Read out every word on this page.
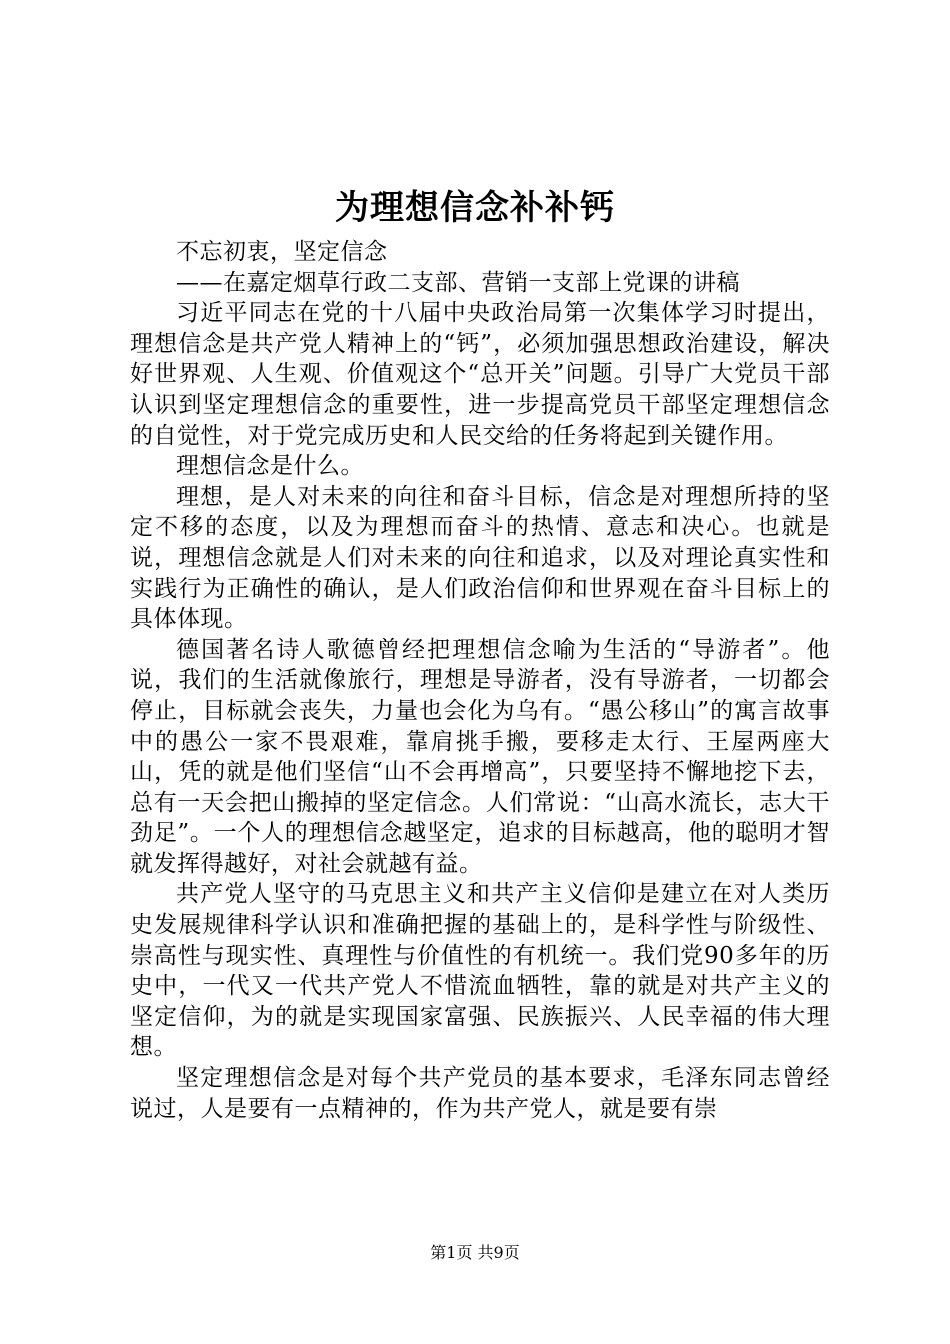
为理想信念补补钙

不忘初衷，坚定信念

——在嘉定烟草行政二支部、营销一支部上党课的讲稿

习近平同志在党的十八届中央政治局第一次集体学习时提出，理想信念是共产党人精神上的“钙”，必须加强思想政治建设，解决好世界观、人生观、价值观这个“总开关”问题。引导广大党员干部认识到坚定理想信念的重要性，进一步提高党员干部坚定理想信念的自觉性，对于党完成历史和人民交给的任务将起到关键作用。

理想信念是什么。

理想，是人对未来的向往和奋斗目标，信念是对理想所持的坚定不移的态度，以及为理想而奋斗的热情、意志和决心。也就是说，理想信念就是人们对未来的向往和追求，以及对理论真实性和实践行为正确性的确认，是人们政治信仰和世界观在奋斗目标上的具体体现。

德国著名诗人歌德曾经把理想信念喻为生活的“导游者”。他说，我们的生活就像旅行，理想是导游者，没有导游者，一切都会停止，目标就会丧失，力量也会化为乌有。“愚公移山”的寓言故事中的愚公一家不畏艰难，靠肩挑手搬，要移走太行、王屋两座大山，凭的就是他们坚信“山不会再增高”，只要坚持不懈地挖下去，总有一天会把山搬掉的坚定信念。人们常说：“山高水流长，志大干劲足”。一个人的理想信念越坚定，追求的目标越高，他的聪明才智就发挥得越好，对社会就越有益。

共产党人坚守的马克思主义和共产主义信仰是建立在对人类历史发展规律科学认识和准确把握的基础上的，是科学性与阶级性、崇高性与现实性、真理性与价值性的有机统一。我们党90多年的历史中，一代又一代共产党人不惜流血牺牲，靠的就是对共产主义的坚定信仰，为的就是实现国家富强、民族振兴、人民幸福的伟大理想。

坚定理想信念是对每个共产党员的基本要求，毛泽东同志曾经说过，人是要有一点精神的，作为共产党人，就是要有崇

第1页 共9页
